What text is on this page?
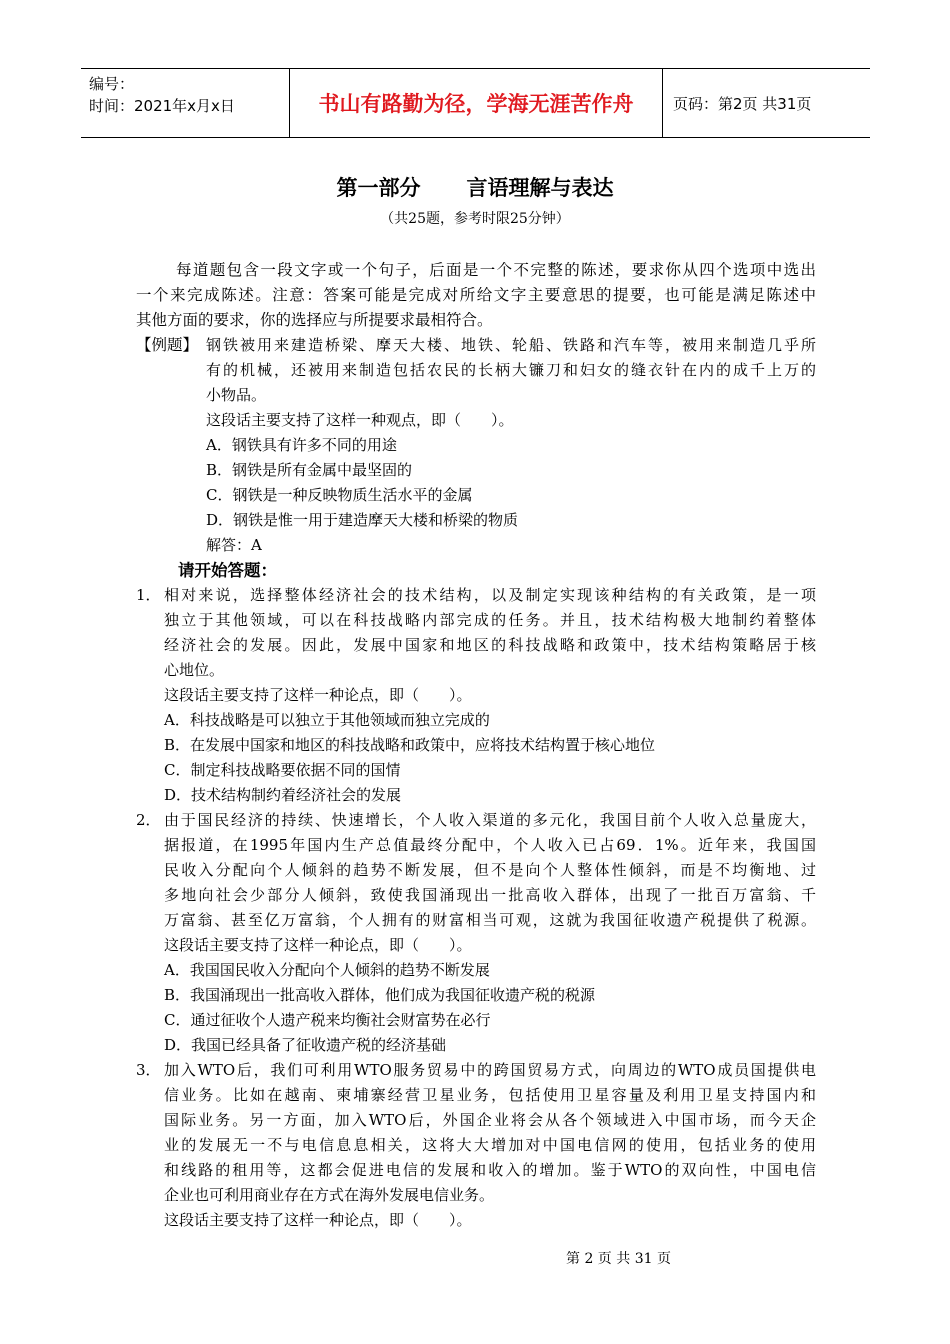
编号：
时间：2021年x月x日	书山有路勤为径，学海无涯苦作舟	页码：第2页 共31页
第一部分 言语理解与表达
（共25题，参考时限25分钟）
每道题包含一段文字或一个句子，后面是一个不完整的陈述，要求你从四个选项中选出
一个来完成陈述。注意：答案可能是完成对所给文字主要意思的提要，也可能是满足陈述中
其他方面的要求，你的选择应与所提要求最相符合。
【例题】 钢铁被用来建造桥梁、摩天大楼、地铁、轮船、铁路和汽车等，被用来制造几乎所
有的机械，还被用来制造包括农民的长柄大镰刀和妇女的缝衣针在内的成千上万的
小物品。
这段话主要支持了这样一种观点，即（　　）。
A．钢铁具有许多不同的用途
B．钢铁是所有金属中最坚固的
C．钢铁是一种反映物质生活水平的金属
D．钢铁是惟一用于建造摩天大楼和桥梁的物质
解答：A
请开始答题：
1． 相对来说，选择整体经济社会的技术结构，以及制定实现该种结构的有关政策，是一项
独立于其他领域，可以在科技战略内部完成的任务。并且，技术结构极大地制约着整体
经济社会的发展。因此，发展中国家和地区的科技战略和政策中，技术结构策略居于核
心地位。
这段话主要支持了这样一种论点，即（　　）。
A．科技战略是可以独立于其他领域而独立完成的
B．在发展中国家和地区的科技战略和政策中，应将技术结构置于核心地位
C．制定科技战略要依据不同的国情
D．技术结构制约着经济社会的发展
2． 由于国民经济的持续、快速增长，个人收入渠道的多元化，我国目前个人收入总量庞大，
据报道，在1995年国内生产总值最终分配中，个人收入已占69．1%。近年来，我国国
民收入分配向个人倾斜的趋势不断发展，但不是向个人整体性倾斜，而是不均衡地、过
多地向社会少部分人倾斜，致使我国涌现出一批高收入群体，出现了一批百万富翁、千
万富翁、甚至亿万富翁，个人拥有的财富相当可观，这就为我国征收遗产税提供了税源。
这段话主要支持了这样一种论点，即（　　）。
A．我国国民收入分配向个人倾斜的趋势不断发展
B．我国涌现出一批高收入群体，他们成为我国征收遗产税的税源
C．通过征收个人遗产税来均衡社会财富势在必行
D．我国已经具备了征收遗产税的经济基础
3． 加入WTO后，我们可利用WTO服务贸易中的跨国贸易方式，向周边的WTO成员国提供电
信业务。比如在越南、柬埔寨经营卫星业务，包括使用卫星容量及利用卫星支持国内和
国际业务。另一方面，加入WTO后，外国企业将会从各个领域进入中国市场，而今天企
业的发展无一不与电信息息相关，这将大大增加对中国电信网的使用，包括业务的使用
和线路的租用等，这都会促进电信的发展和收入的增加。鉴于WTO的双向性，中国电信
企业也可利用商业存在方式在海外发展电信业务。
这段话主要支持了这样一种论点，即（　　）。
第 2 页 共 31 页
